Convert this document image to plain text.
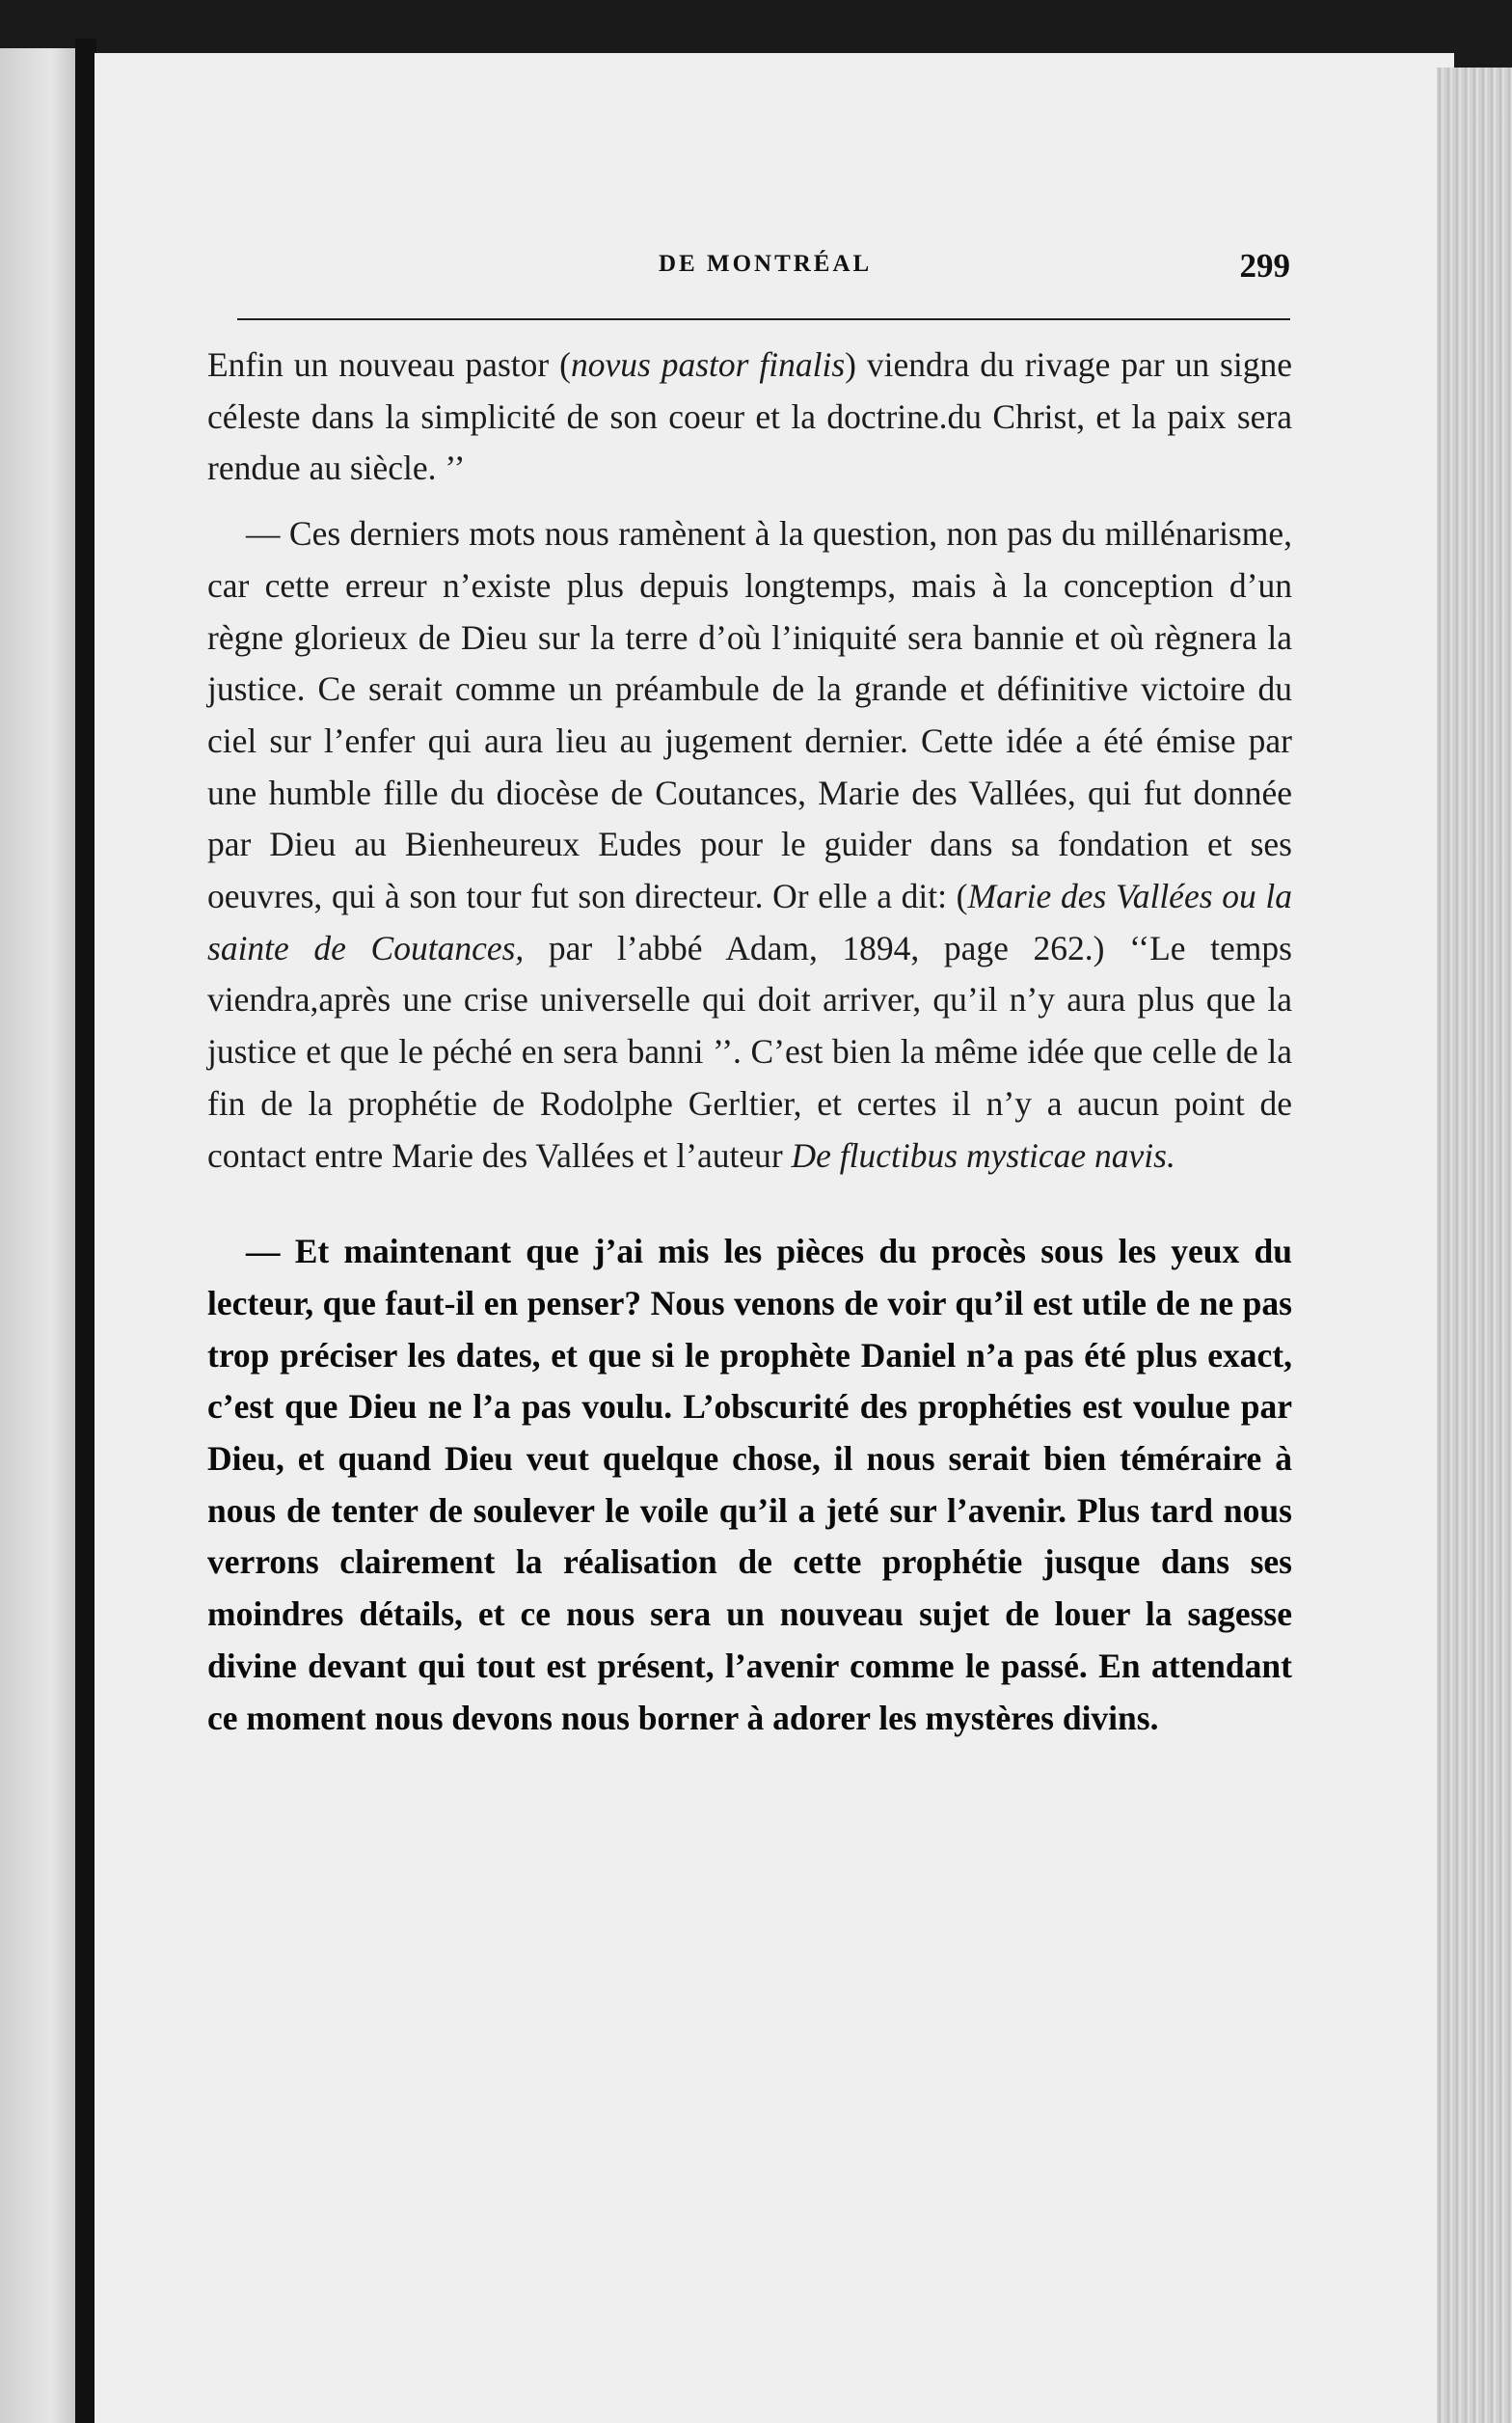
DE MONTRÉAL	299

Enfin un nouveau pastor (novus pastor finalis) viendra du rivage par un signe céleste dans la simplicité de son coeur et la doctrine.du Christ, et la paix sera rendue au siècle. ’’

— Ces derniers mots nous ramènent à la question, non pas du millénarisme, car cette erreur n’existe plus depuis longtemps, mais à la conception d’un règne glorieux de Dieu sur la terre d’où l’iniquité sera bannie et où règnera la justice. Ce serait comme un préambule de la grande et définitive victoire du ciel sur l’enfer qui aura lieu au jugement dernier. Cette idée a été émise par une humble fille du diocèse de Coutances, Marie des Vallées, qui fut donnée par Dieu au Bienheureux Eudes pour le guider dans sa fondation et ses oeuvres, qui à son tour fut son directeur. Or elle a dit: (Marie des Vallées ou la sainte de Coutances, par l’abbé Adam, 1894, page 262.) ‘‘Le temps viendra,après une crise universelle qui doit arriver, qu’il n’y aura plus que la justice et que le péché en sera banni ’’. C’est bien la même idée que celle de la fin de la prophétie de Rodolphe Gerltier, et certes il n’y a aucun point de contact entre Marie des Vallées et l’auteur De fluctibus mysticae navis.

— Et maintenant que j’ai mis les pièces du procès sous les yeux du lecteur, que faut-il en penser? Nous venons de voir qu’il est utile de ne pas trop préciser les dates, et que si le prophète Daniel n’a pas été plus exact, c’est que Dieu ne l’a pas voulu. L’obscurité des prophéties est voulue par Dieu, et quand Dieu veut quelque chose, il nous serait bien téméraire à nous de tenter de soulever le voile qu’il a jeté sur l’avenir. Plus tard nous verrons clairement la réalisation de cette prophétie jusque dans ses moindres détails, et ce nous sera un nouveau sujet de louer la sagesse divine devant qui tout est présent, l’avenir comme le passé. En attendant ce moment nous devons nous borner à adorer les mystères divins.
